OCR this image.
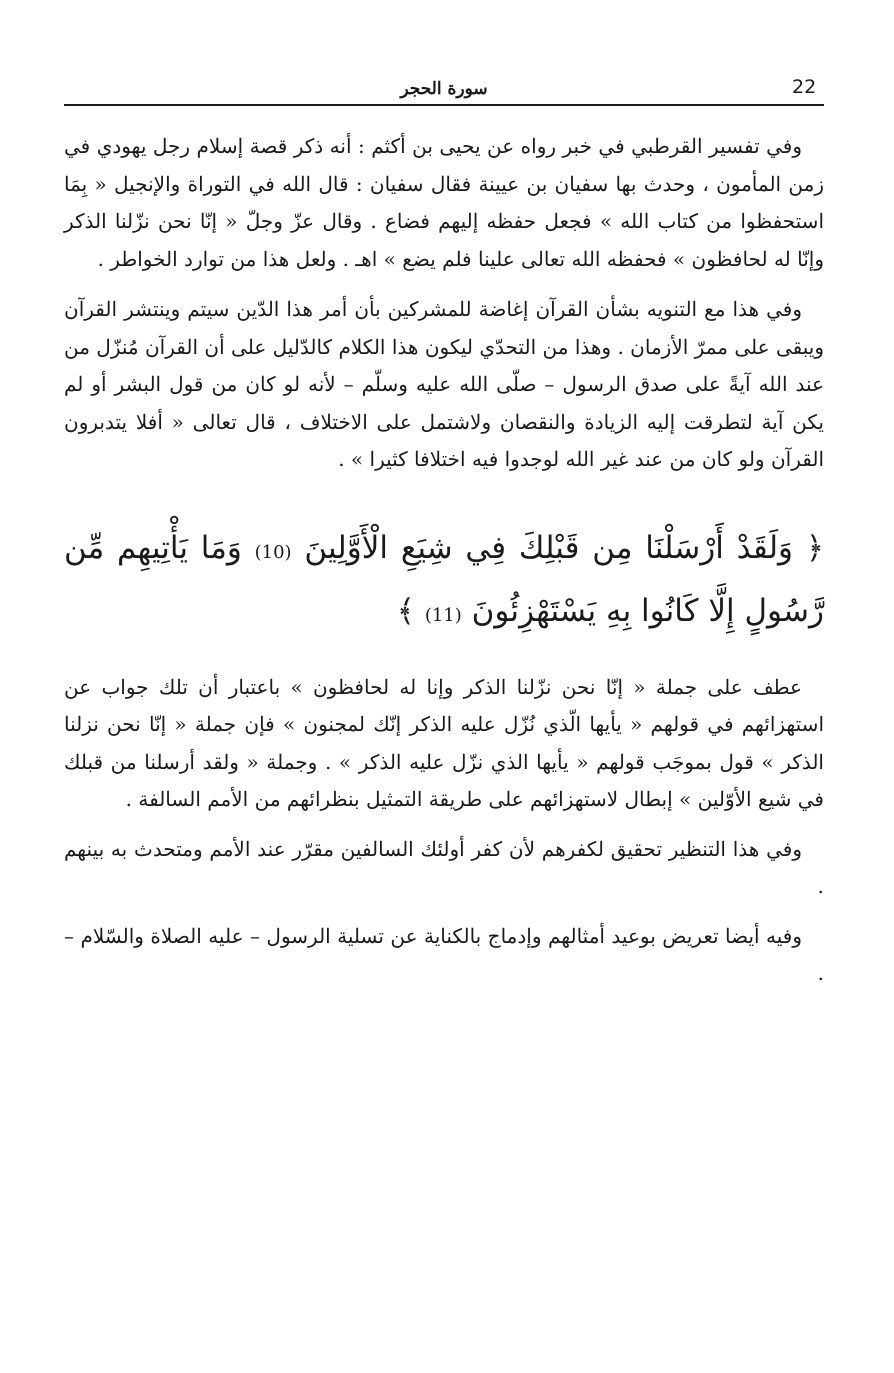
22
سورة الحجر

وفي تفسير القرطبي في خبر رواه عن يحيى بن أكثم : أنه ذكر قصة إسلام رجل يهودي في زمن المأمون ، وحدث بها سفيان بن عيينة فقال سفيان : قال الله في التوراة والإنجيل « بِمَا استحفظوا من كتاب الله » فجعل حفظه إليهم فضاع . وقال عزّ وجلّ « إنّا نحن نزّلنا الذكر وإنّا له لحافظون » فحفظه الله تعالى علينا فلم يضع » اهـ . ولعل هذا من توارد الخواطر .

وفي هذا مع التنويه بشأن القرآن إغاضة للمشركين بأن أمر هذا الدّين سيتم وينتشر القرآن ويبقى على ممرّ الأزمان . وهذا من التحدّي ليكون هذا الكلام كالدّليل على أن القرآن مُنزّل من عند الله آيةً على صدق الرسول – صلّى الله عليه وسلّم – لأنه لو كان من قول البشر أو لم يكن آية لتطرقت إليه الزيادة والنقصان ولاشتمل على الاختلاف ، قال تعالى « أفلا يتدبرون القرآن ولو كان من عند غير الله لوجدوا فيه اختلافا كثيرا » .

﴿ وَلَقَدْ أَرْسَلْنَا مِن قَبْلِكَ فِي شِيَعِ الْأَوَّلِينَ (10) وَمَا يَأْتِيهِم مِّن رَّسُولٍ إِلَّا كَانُوا بِهِ يَسْتَهْزِئُونَ (11) ﴾

عطف على جملة « إنّا نحن نزّلنا الذكر وإنا له لحافظون » باعتبار أن تلك جواب عن استهزائهم في قولهم « يأيها الّذي نُزّل عليه الذكر إنّك لمجنون » فإن جملة « إنّا نحن نزلنا الذكر » قول بموجَب قولهم « يأيها الذي نزّل عليه الذكر » . وجملة « ولقد أرسلنا من قبلك في شيع الأوّلين » إبطال لاستهزائهم على طريقة التمثيل بنظرائهم من الأمم السالفة .

وفي هذا التنظير تحقيق لكفرهم لأن كفر أولئك السالفين مقرّر عند الأمم ومتحدث به بينهم .

وفيه أيضا تعريض بوعيد أمثالهم وإدماج بالكناية عن تسلية الرسول – عليه الصلاة والسّلام – .
